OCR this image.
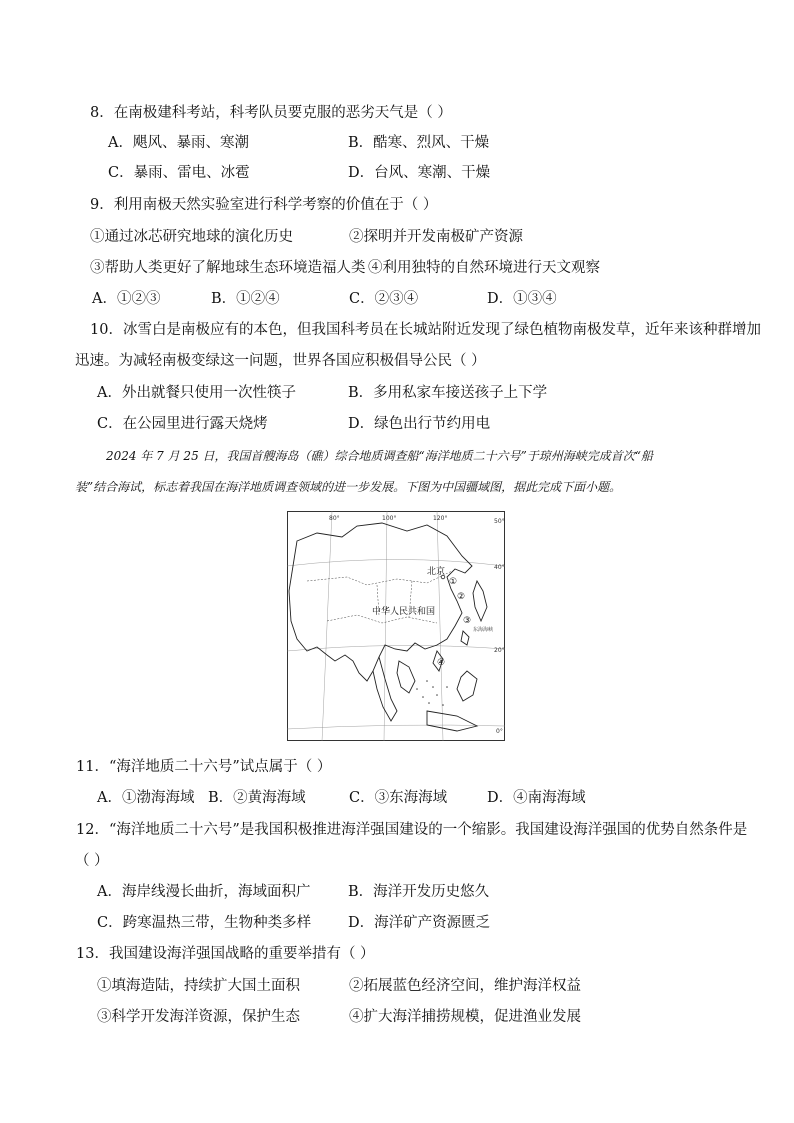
8．在南极建科考站，科考队员要克服的恶劣天气是（ ）
A．飓风、暴雨、寒潮	B．酷寒、烈风、干燥
C．暴雨、雷电、冰雹	D．台风、寒潮、干燥
9．利用南极天然实验室进行科学考察的价值在于（ ）
①通过冰芯研究地球的演化历史	②探明并开发南极矿产资源
③帮助人类更好了解地球生态环境造福人类 ④利用独特的自然环境进行天文观察
A．①②③	B．①②④	C．②③④	D．①③④
10．冰雪白是南极应有的本色，但我国科考员在长城站附近发现了绿色植物南极发草，近年来该种群增加
迅速。为减轻南极变绿这一问题，世界各国应积极倡导公民（ ）
A．外出就餐只使用一次性筷子	B．多用私家车接送孩子上下学
C．在公园里进行露天烧烤	D．绿色出行节约用电
2024 年 7 月 25 日，我国首艘海岛（礁）综合地质调查船“海洋地质二十六号”于琼州海峡完成首次“船
装”结合海试，标志着我国在海洋地质调查领域的进一步发展。下图为中国疆域图，据此完成下面小题。
80°	100°	120°	50°
40°
20°
0°
北京
中华人民共和国
东海海峡
①
②
③
④
11．“海洋地质二十六号”试点属于（ ）
A．①渤海海域 B．②黄海海域	C．③东海海域	D．④南海海域
12．“海洋地质二十六号”是我国积极推进海洋强国建设的一个缩影。我国建设海洋强国的优势自然条件是
（ ）
A．海岸线漫长曲折，海域面积广	B．海洋开发历史悠久
C．跨寒温热三带，生物种类多样	D．海洋矿产资源匮乏
13．我国建设海洋强国战略的重要举措有（ ）
①填海造陆，持续扩大国土面积	②拓展蓝色经济空间，维护海洋权益
③科学开发海洋资源，保护生态	④扩大海洋捕捞规模，促进渔业发展
